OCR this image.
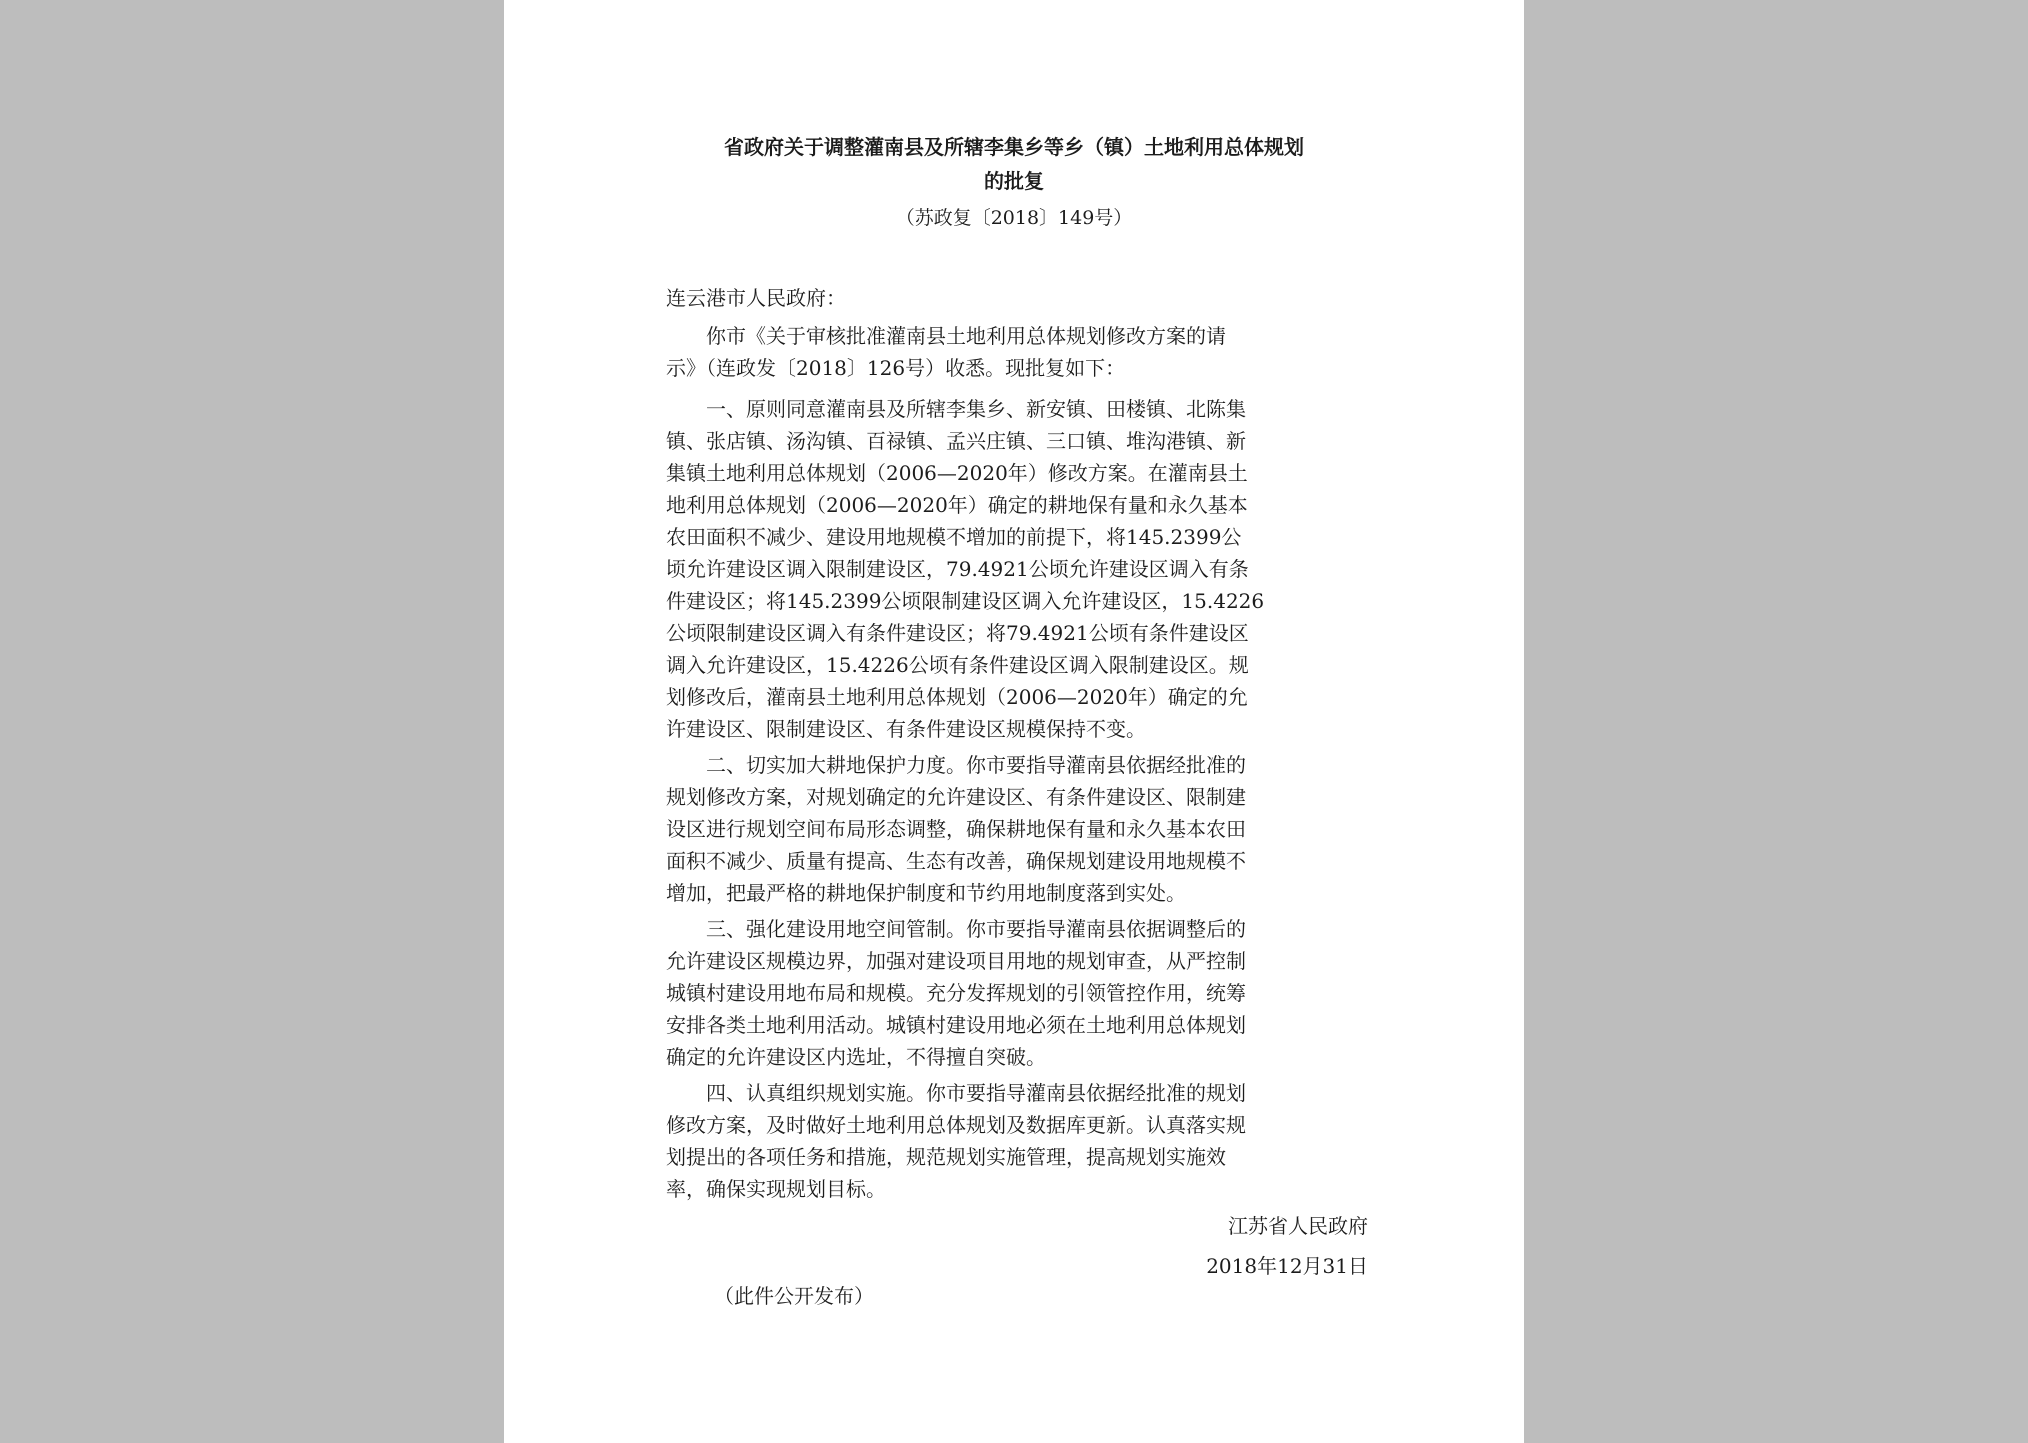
省政府关于调整灌南县及所辖李集乡等乡（镇）土地利用总体规划
的批复
（苏政复〔2018〕149号）
连云港市人民政府：
　　你市《关于审核批准灌南县土地利用总体规划修改方案的请
示》（连政发〔2018〕126号）收悉。现批复如下：
　　一、原则同意灌南县及所辖李集乡、新安镇、田楼镇、北陈集
镇、张店镇、汤沟镇、百禄镇、孟兴庄镇、三口镇、堆沟港镇、新
集镇土地利用总体规划（2006—2020年）修改方案。在灌南县土
地利用总体规划（2006—2020年）确定的耕地保有量和永久基本
农田面积不减少、建设用地规模不增加的前提下，将145.2399公
顷允许建设区调入限制建设区，79.4921公顷允许建设区调入有条
件建设区；将145.2399公顷限制建设区调入允许建设区，15.4226
公顷限制建设区调入有条件建设区；将79.4921公顷有条件建设区
调入允许建设区，15.4226公顷有条件建设区调入限制建设区。规
划修改后，灌南县土地利用总体规划（2006—2020年）确定的允
许建设区、限制建设区、有条件建设区规模保持不变。
　　二、切实加大耕地保护力度。你市要指导灌南县依据经批准的
规划修改方案，对规划确定的允许建设区、有条件建设区、限制建
设区进行规划空间布局形态调整，确保耕地保有量和永久基本农田
面积不减少、质量有提高、生态有改善，确保规划建设用地规模不
增加，把最严格的耕地保护制度和节约用地制度落到实处。
　　三、强化建设用地空间管制。你市要指导灌南县依据调整后的
允许建设区规模边界，加强对建设项目用地的规划审查，从严控制
城镇村建设用地布局和规模。充分发挥规划的引领管控作用，统筹
安排各类土地利用活动。城镇村建设用地必须在土地利用总体规划
确定的允许建设区内选址，不得擅自突破。
　　四、认真组织规划实施。你市要指导灌南县依据经批准的规划
修改方案，及时做好土地利用总体规划及数据库更新。认真落实规
划提出的各项任务和措施，规范规划实施管理，提高规划实施效
率，确保实现规划目标。
江苏省人民政府
2018年12月31日
（此件公开发布）
